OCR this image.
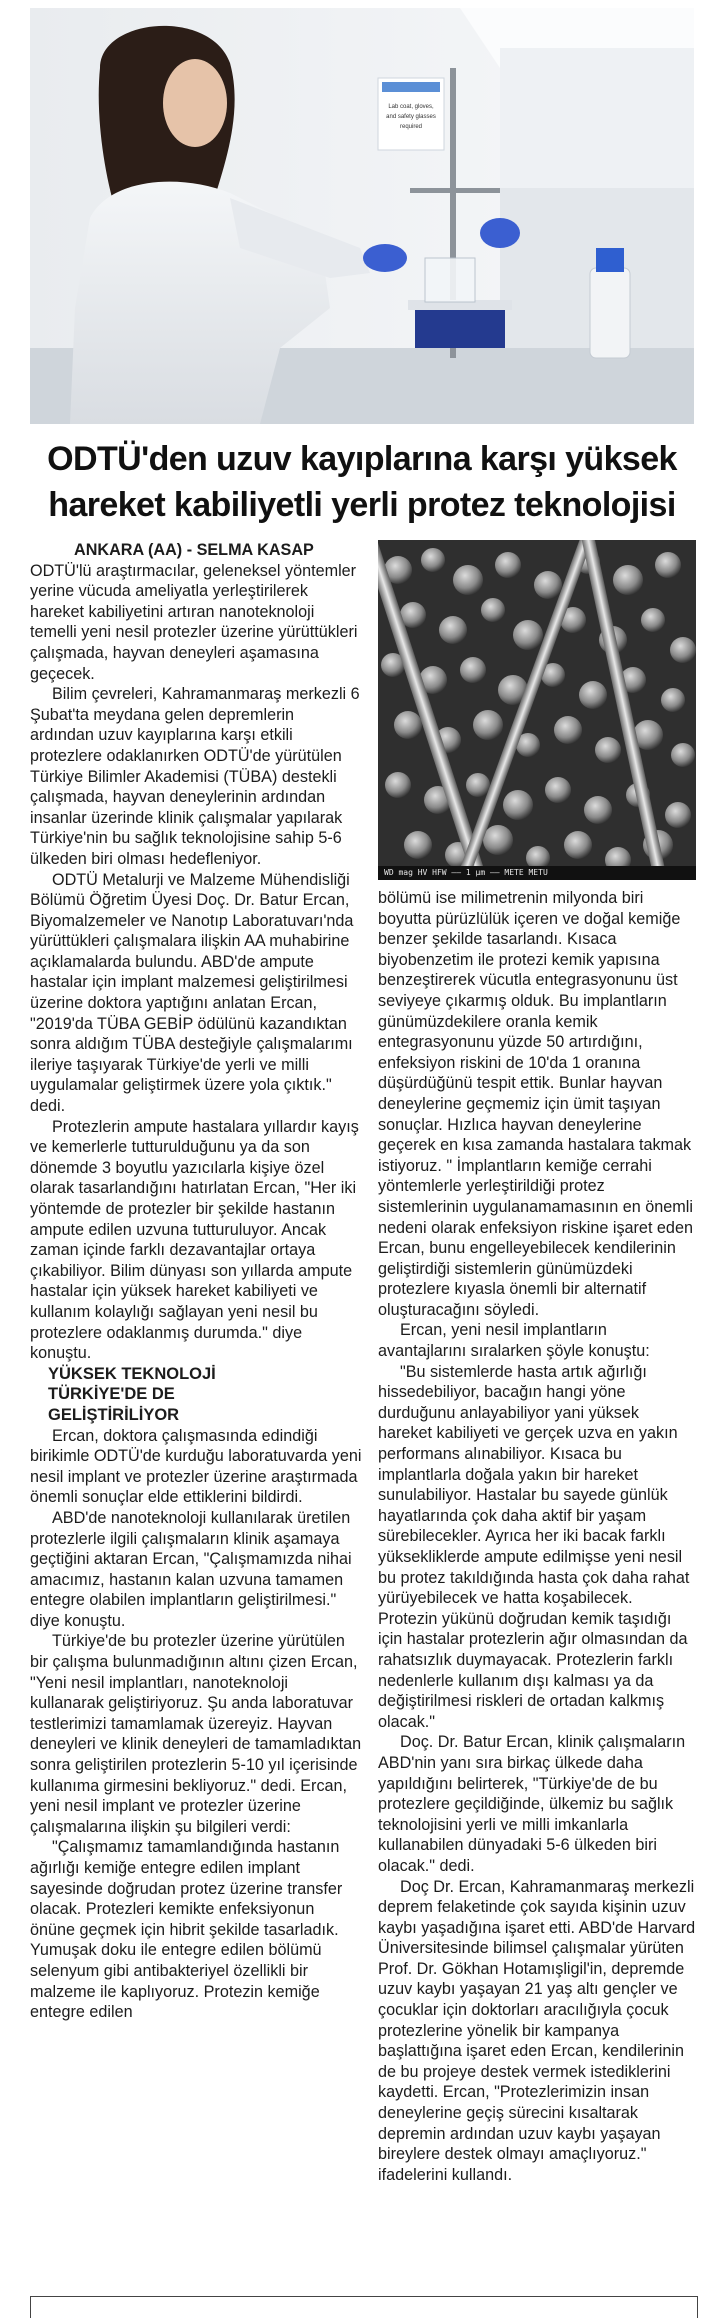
Lab coat, gloves,
and safety glasses
required
ODTÜ'den uzuv kayıplarına karşı yüksek
hareket kabiliyetli yerli protez teknolojisi
WD mag HV HFW —— 1 µm —— METE METU

ANKARA (AA) - SELMA KASAP

ODTÜ'lü araştırmacılar, geleneksel yöntemler yerine vücuda ameliyatla yerleştirilerek hareket kabiliyetini artıran nanoteknoloji temelli yeni nesil protezler üzerine yürüttükleri çalışmada, hayvan deneyleri aşamasına geçecek.

Bilim çevreleri, Kahramanmaraş merkezli 6 Şubat'ta meydana gelen depremlerin ardından uzuv kayıplarına karşı etkili protezlere odaklanırken ODTÜ'de yürütülen Türkiye Bilimler Akademisi (TÜBA) destekli çalışmada, hayvan deneylerinin ardından insanlar üzerinde klinik çalışmalar yapılarak Türkiye'nin bu sağlık teknolojisine sahip 5-6 ülkeden biri olması hedefleniyor.

ODTÜ Metalurji ve Malzeme Mühendisliği Bölümü Öğretim Üyesi Doç. Dr. Batur Ercan, Biyomalzemeler ve Nanotıp Laboratuvarı'nda yürüttükleri çalışmalara ilişkin AA muhabirine açıklamalarda bulundu. ABD'de ampute hastalar için implant malzemesi geliştirilmesi üzerine doktora yaptığını anlatan Ercan, "2019'da TÜBA GEBİP ödülünü kazandıktan sonra aldığım TÜBA desteğiyle çalışmalarımı ileriye taşıyarak Türkiye'de yerli ve milli uygulamalar geliştirmek üzere yola çıktık." dedi.

Protezlerin ampute hastalara yıllardır kayış ve kemerlerle tutturulduğunu ya da son dönemde 3 boyutlu yazıcılarla kişiye özel olarak tasarlandığını hatırlatan Ercan, "Her iki yöntemde de protezler bir şekilde hastanın ampute edilen uzvuna tutturuluyor. Ancak zaman içinde farklı dezavantajlar ortaya çıkabiliyor. Bilim dünyası son yıllarda ampute hastalar için yüksek hareket kabiliyeti ve kullanım kolaylığı sağlayan yeni nesil bu protezlere odaklanmış durumda." diye konuştu.

YÜKSEK TEKNOLOJİ
TÜRKİYE'DE DE
GELİŞTİRİLİYOR

Ercan, doktora çalışmasında edindiği birikimle ODTÜ'de kurduğu laboratuvarda yeni nesil implant ve protezler üzerine araştırmada önemli sonuçlar elde ettiklerini bildirdi.

ABD'de nanoteknoloji kullanılarak üretilen protezlerle ilgili çalışmaların klinik aşamaya geçtiğini aktaran Ercan, "Çalışmamızda nihai amacımız, hastanın kalan uzvuna tamamen entegre olabilen implantların geliştirilmesi." diye konuştu.

Türkiye'de bu protezler üzerine yürütülen bir çalışma bulunmadığının altını çizen Ercan, "Yeni nesil implantları, nanoteknoloji kullanarak geliştiriyoruz. Şu anda laboratuvar testlerimizi tamamlamak üzereyiz. Hayvan deneyleri ve klinik deneyleri de tamamladıktan sonra geliştirilen protezlerin 5-10 yıl içerisinde kullanıma girmesini bekliyoruz." dedi. Ercan, yeni nesil implant ve protezler üzerine çalışmalarına ilişkin şu bilgileri verdi:

"Çalışmamız tamamlandığında hastanın ağırlığı kemiğe entegre edilen implant sayesinde doğrudan protez üzerine transfer olacak. Protezleri kemikte enfeksiyonun önüne geçmek için hibrit şekilde tasarladık. Yumuşak doku ile entegre edilen bölümü selenyum gibi antibakteriyel özellikli bir malzeme ile kaplıyoruz. Protezin kemiğe entegre edilen

bölümü ise milimetrenin milyonda biri boyutta pürüzlülük içeren ve doğal kemiğe benzer şekilde tasarlandı. Kısaca biyobenzetim ile protezi kemik yapısına benzeştirerek vücutla entegrasyonunu üst seviyeye çıkarmış olduk. Bu implantların günümüzdekilere oranla kemik entegrasyonunu yüzde 50 artırdığını, enfeksiyon riskini de 10'da 1 oranına düşürdüğünü tespit ettik. Bunlar hayvan deneylerine geçmemiz için ümit taşıyan sonuçlar. Hızlıca hayvan deneylerine geçerek en kısa zamanda hastalara takmak istiyoruz. " İmplantların kemiğe cerrahi yöntemlerle yerleştirildiği protez sistemlerinin uygulanamamasının en önemli nedeni olarak enfeksiyon riskine işaret eden Ercan, bunu engelleyebilecek kendilerinin geliştirdiği sistemlerin günümüzdeki protezlere kıyasla önemli bir alternatif oluşturacağını söyledi.

Ercan, yeni nesil implantların avantajlarını sıralarken şöyle konuştu:

"Bu sistemlerde hasta artık ağırlığı hissedebiliyor, bacağın hangi yöne durduğunu anlayabiliyor yani yüksek hareket kabiliyeti ve gerçek uzva en yakın performans alınabiliyor. Kısaca bu implantlarla doğala yakın bir hareket sunulabiliyor. Hastalar bu sayede günlük hayatlarında çok daha aktif bir yaşam sürebilecekler. Ayrıca her iki bacak farklı yüksekliklerde ampute edilmişse yeni nesil bu protez takıldığında hasta çok daha rahat yürüyebilecek ve hatta koşabilecek. Protezin yükünü doğrudan kemik taşıdığı için hastalar protezlerin ağır olmasından da rahatsızlık duymayacak. Protezlerin farklı nedenlerle kullanım dışı kalması ya da değiştirilmesi riskleri de ortadan kalkmış olacak."

Doç. Dr. Batur Ercan, klinik çalışmaların ABD'nin yanı sıra birkaç ülkede daha yapıldığını belirterek, "Türkiye'de de bu protezlere geçildiğinde, ülkemiz bu sağlık teknolojisini yerli ve milli imkanlarla kullanabilen dünyadaki 5-6 ülkeden biri olacak." dedi.

Doç Dr. Ercan, Kahramanmaraş merkezli deprem felaketinde çok sayıda kişinin uzuv kaybı yaşadığına işaret etti. ABD'de Harvard Üniversitesinde bilimsel çalışmalar yürüten Prof. Dr. Gökhan Hotamışligil'in, depremde uzuv kaybı yaşayan 21 yaş altı gençler ve çocuklar için doktorları aracılığıyla çocuk protezlerine yönelik bir kampanya başlattığına işaret eden Ercan, kendilerinin de bu projeye destek vermek istediklerini kaydetti. Ercan, "Protezlerimizin insan deneylerine geçiş sürecini kısaltarak depremin ardından uzuv kaybı yaşayan bireylere destek olmayı amaçlıyoruz." ifadelerini kullandı.
